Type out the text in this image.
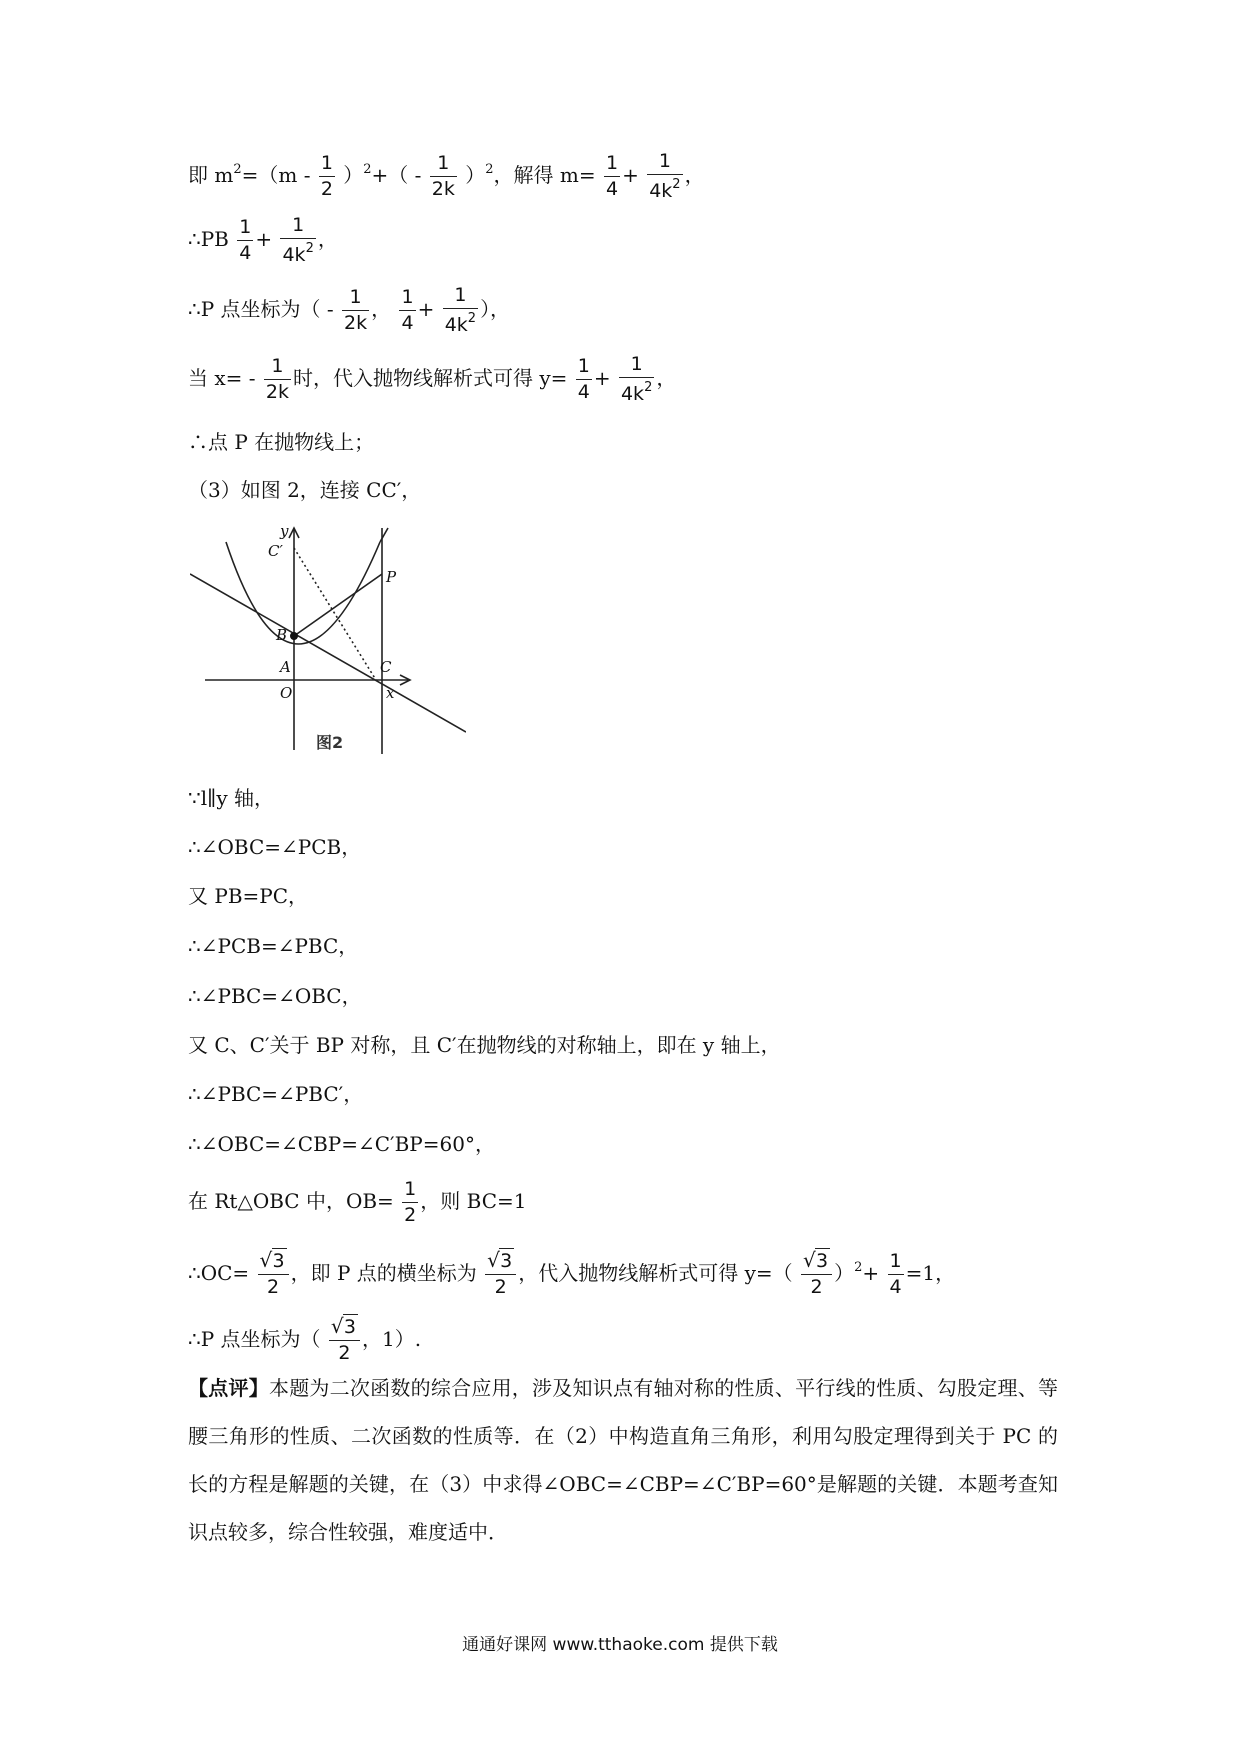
即 $m^2=(m - \frac{1}{2} )^2+( - \frac{1}{2k} )^2$，解得 $m= \frac{1}{4} + \frac{1}{4k^2}$ ，
∴PB $\frac{1}{4} + \frac{1}{4k^2}$ ，
∴P 点坐标为（ - $\frac{1}{2k}$ ， $\frac{1}{4} + \frac{1}{4k^2}$ ），
当 $x= - \frac{1}{2k}$ 时，代入抛物线解析式可得 $y= \frac{1}{4} + \frac{1}{4k^2}$ ，
∴点 P 在抛物线上；
（3）如图 2，连接 CC′，
y
C′
P
B
A	C
O	x
图2
∵l∥y 轴，
∴∠OBC=∠PCB，
又 PB=PC，
∴∠PCB=∠PBC，
∴∠PBC=∠OBC，
又 C、C′关于 BP 对称，且 C′在抛物线的对称轴上，即在 y 轴上，
∴∠PBC=∠PBC′，
∴∠OBC=∠CBP=∠C′BP=60°，
在 Rt△OBC 中，$OB= \frac{1}{2}$ ，则 BC=1
∴OC= $\frac{√ 3}{2}$ ，即 P 点的横坐标为 $\frac{√ 3}{2}$ ，代入抛物线解析式可得 $y=( \frac{√ 3}{2} )^2+ \frac{1}{4} =1$，
∴P 点坐标为（ $\frac{√ 3}{2}$ ，1）.
【点评】本题为二次函数的综合应用，涉及知识点有轴对称的性质、平行线的性质、勾股定理、等腰三角形的性质、二次函数的性质等．在（2）中构造直角三角形，利用勾股定理得到关于 PC 的长的方程是解题的关键，在（3）中求得∠OBC=∠CBP=∠C′BP=60°是解题的关键．本题考查知识点较多，综合性较强，难度适中．
通通好课网 www.tthaoke.com 提供下载
